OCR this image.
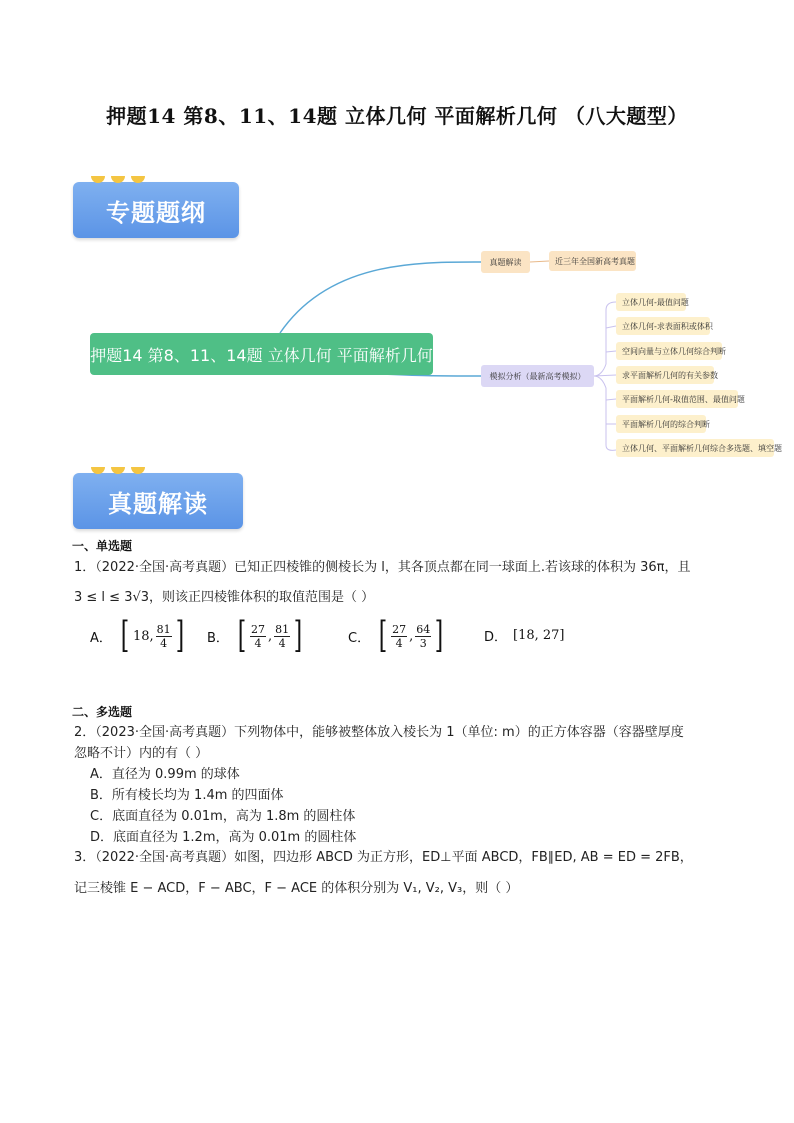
押题14 第8、11、14题 立体几何 平面解析几何 （八大题型）
专题题纲
押题14 第8、11、14题 立体几何 平面解析几何
真题解读	近三年全国新高考真题
模拟分析（最新高考模拟）
立体几何-最值问题
立体几何-求表面积或体积
空间向量与立体几何综合判断
求平面解析几何的有关参数
平面解析几何-取值范围、最值问题
平面解析几何的综合判断
立体几何、平面解析几何综合多选题、填空题
真题解读
一、单选题
1．（2022·全国·高考真题）已知正四棱锥的侧棱长为 l，其各顶点都在同一球面上.若该球的体积为 36π，且
3 ≤ l ≤ 3√3，则该正四棱锥体积的取值范围是（ ）
A． [ 18, $\frac{81}{4}$ ] B． [ $\frac{27}{4}$ , $\frac{81}{4}$ ]	C． [ $\frac{27}{4}$ , $\frac{64}{3}$ ]	D． [18, 27]
二、多选题
2．（2023·全国·高考真题）下列物体中，能够被整体放入棱长为 1（单位: m）的正方体容器（容器壁厚度
忽略不计）内的有（ ）
A．直径为 0.99m 的球体
B．所有棱长均为 1.4m 的四面体
C．底面直径为 0.01m，高为 1.8m 的圆柱体
D．底面直径为 1.2m，高为 0.01m 的圆柱体
3．（2022·全国·高考真题）如图，四边形 ABCD 为正方形，ED⊥平面 ABCD，FB∥ED, AB = ED = 2FB，
记三棱锥 E − ACD，F − ABC，F − ACE 的体积分别为 V₁, V₂, V₃，则（ ）
